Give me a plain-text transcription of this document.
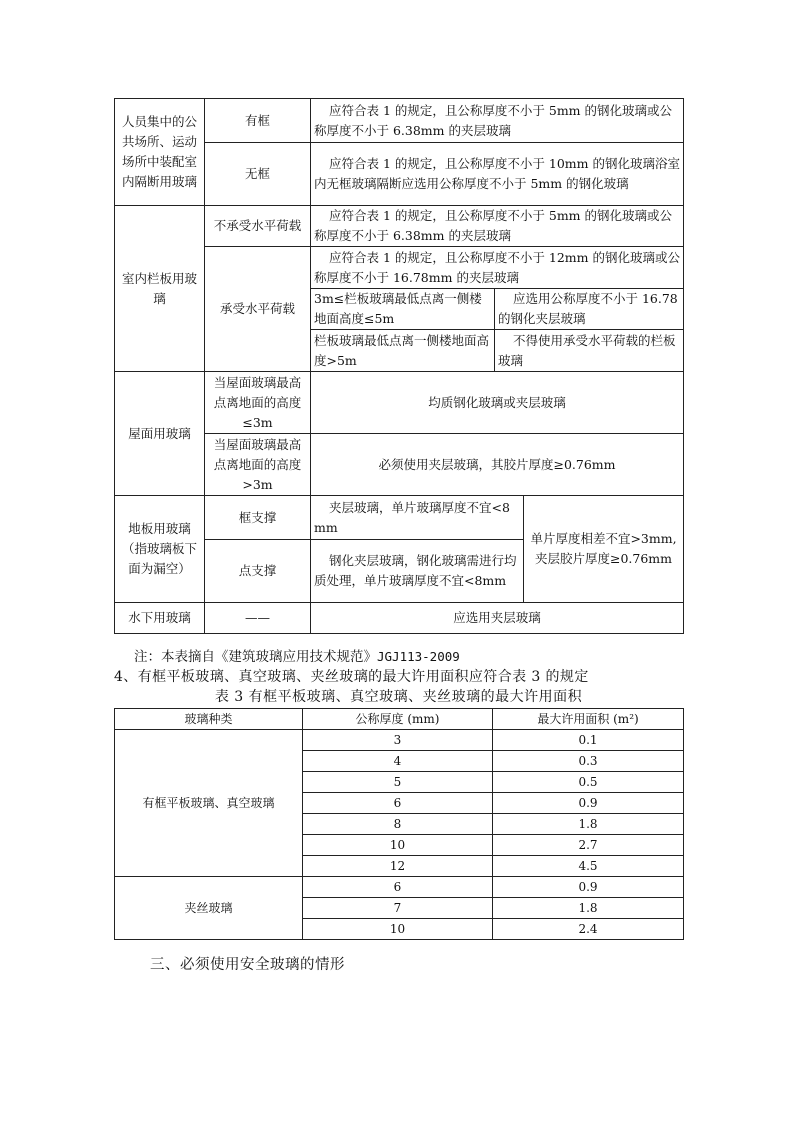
人员集中的公共场所、运动场所中装配室内隔断用玻璃	有框	应符合表 1 的规定，且公称厚度不小于 5mm 的钢化玻璃或公称厚度不小于 6.38mm 的夹层玻璃		
	无框	应符合表 1 的规定，且公称厚度不小于 10mm 的钢化玻璃浴室内无框玻璃隔断应选用公称厚度不小于 5mm 的钢化玻璃		
室内栏板用玻璃	不承受水平荷载	应符合表 1 的规定，且公称厚度不小于 5mm 的钢化玻璃或公称厚度不小于 6.38mm 的夹层玻璃		
	承受水平荷载	应符合表 1 的规定，且公称厚度不小于 12mm 的钢化玻璃或公称厚度不小于 16.78mm 的夹层玻璃		
		3m≤栏板玻璃最低点离一侧楼地面高度≤5m	应选用公称厚度不小于 16.78 的钢化夹层玻璃	
		栏板玻璃最低点离一侧楼地面高度>5m	不得使用承受水平荷载的栏板玻璃	
屋面用玻璃	当屋面玻璃最高点离地面的高度≤3m	均质钢化玻璃或夹层玻璃		
	当屋面玻璃最高点离地面的高度>3m	必须使用夹层玻璃，其胶片厚度≥0.76mm		
地板用玻璃（指玻璃板下面为漏空）	框支撑	夹层玻璃，单片玻璃厚度不宜<8mm		单片厚度相差不宜>3mm,夹层胶片厚度≥0.76mm
	点支撑	钢化夹层玻璃，钢化玻璃需进行均质处理，单片玻璃厚度不宜<8mm		
水下用玻璃	——	应选用夹层玻璃		
注：本表摘自《建筑玻璃应用技术规范》JGJ113-2009
4、有框平板玻璃、真空玻璃、夹丝玻璃的最大许用面积应符合表 3 的规定
表 3 有框平板玻璃、真空玻璃、夹丝玻璃的最大许用面积
玻璃种类	公称厚度 (mm)	最大许用面积 (m²)
有框平板玻璃、真空玻璃	3	0.1
	4	0.3
	5	0.5
	6	0.9
	8	1.8
	10	2.7
	12	4.5
夹丝玻璃	6	0.9
	7	1.8
	10	2.4
三、必须使用安全玻璃的情形
